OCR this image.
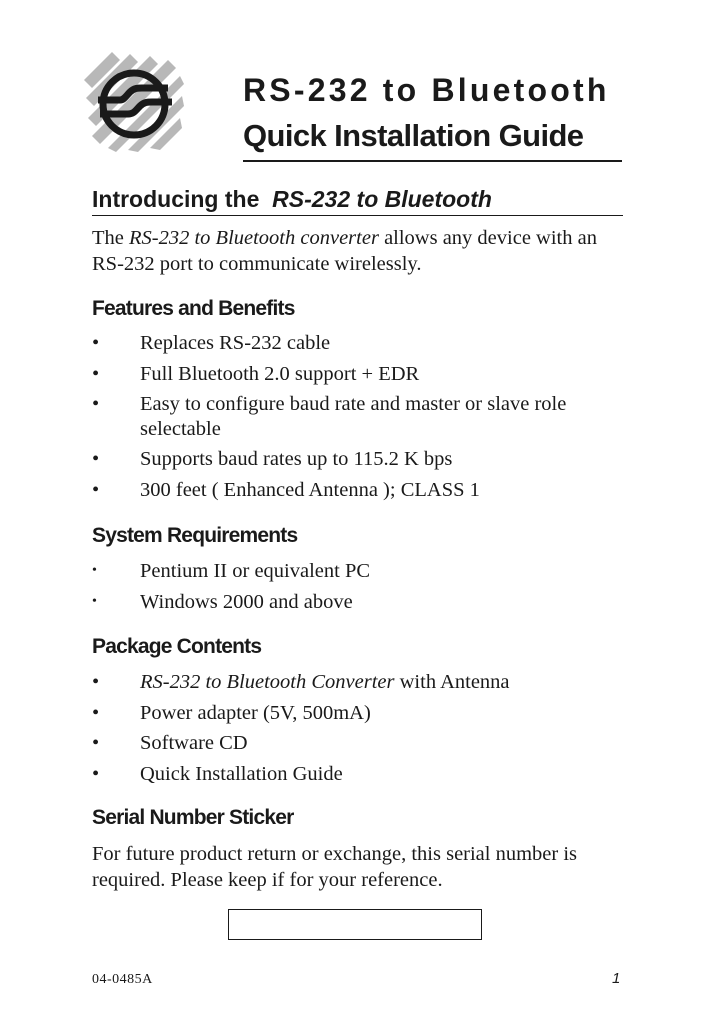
RS-232 to Bluetooth
Quick Installation Guide
Introducing the RS-232 to Bluetooth
The RS-232 to Bluetooth converter allows any device with an RS-232 port to communicate wirelessly.
Features and Benefits
•	Replaces RS-232 cable
•	Full Bluetooth 2.0 support + EDR
•	Easy to configure baud rate and master or slave role selectable
•	Supports baud rates up to 115.2 K bps
•	300 feet ( Enhanced Antenna ); CLASS 1
System Requirements
•	Pentium II or equivalent PC
•	Windows 2000 and above
Package Contents
•	RS-232 to Bluetooth Converter with Antenna
•	Power adapter (5V, 500mA)
•	Software CD
•	Quick Installation Guide
Serial Number Sticker
For future product return or exchange, this serial number is required. Please keep if for your reference.
04-0485A	1
